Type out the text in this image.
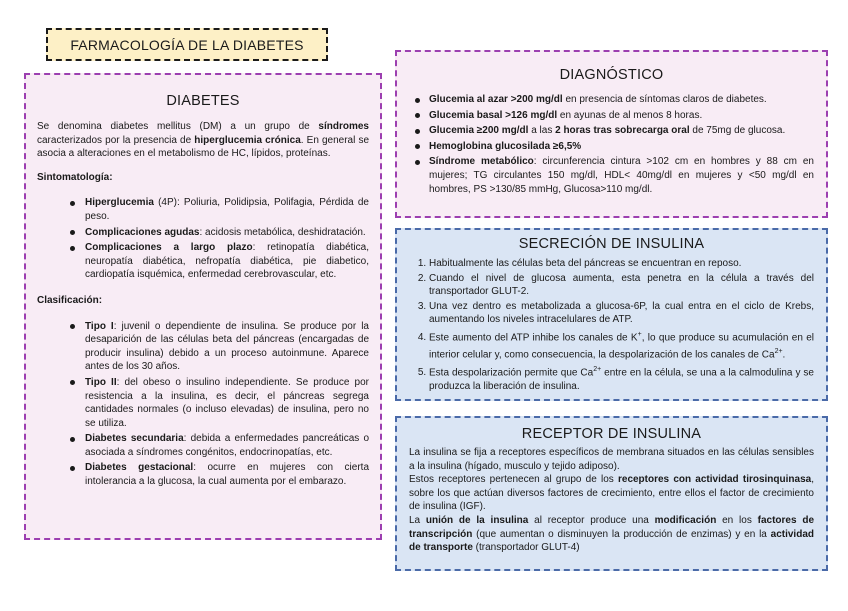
FARMACOLOGÍA DE LA DIABETES
DIABETES

Se denomina diabetes mellitus (DM) a un grupo de síndromes caracterizados por la presencia de hiperglucemia crónica. En general se asocia a alteraciones en el metabolismo de HC, lípidos, proteínas.

Sintomatología:

Hiperglucemia (4P): Poliuria, Polidipsia, Polifagia, Pérdida de peso.
Complicaciones agudas: acidosis metabólica, deshidratación.
Complicaciones a largo plazo: retinopatía diabética, neuropatía diabética, nefropatía diabética, pie diabetico, cardiopatía isquémica, enfermedad cerebrovascular, etc.

Clasificación:

Tipo I: juvenil o dependiente de insulina. Se produce por la desaparición de las células beta del páncreas (encargadas de producir insulina) debido a un proceso autoinmune. Aparece antes de los 30 años.
Tipo II: del obeso o insulino independiente. Se produce por resistencia a la insulina, es decir, el páncreas segrega cantidades normales (o incluso elevadas) de insulina, pero no se utiliza.
Diabetes secundaria: debida a enfermedades pancreáticas o asociada a síndromes congénitos, endocrinopatías, etc.
Diabetes gestacional: ocurre en mujeres con cierta intolerancia a la glucosa, la cual aumenta por el embarazo.
DIAGNÓSTICO
Glucemia al azar >200 mg/dl en presencia de síntomas claros de diabetes.
Glucemia basal >126 mg/dl en ayunas de al menos 8 horas.
Glucemia ≥200 mg/dl a las 2 horas tras sobrecarga oral de 75mg de glucosa.
Hemoglobina glucosilada ≥6,5%
Síndrome metabólico: circunferencia cintura >102 cm en hombres y 88 cm en mujeres; TG circulantes 150 mg/dl, HDL< 40mg/dl en mujeres y <50 mg/dl en hombres, PS >130/85 mmHg, Glucosa>110 mg/dl.
SECRECIÓN DE INSULINA
1. Habitualmente las células beta del páncreas se encuentran en reposo.
2. Cuando el nivel de glucosa aumenta, esta penetra en la célula a través del transportador GLUT-2.
3. Una vez dentro es metabolizada a glucosa-6P, la cual entra en el ciclo de Krebs, aumentando los niveles intracelulares de ATP.
4. Este aumento del ATP inhibe los canales de K+, lo que produce su acumulación en el interior celular y, como consecuencia, la despolarización de los canales de $Ca^{2+}$.
5. Esta despolarización permite que $Ca^{2+}$ entre en la célula, se una a la calmodulina y se produzca la liberación de insulina.
RECEPTOR DE INSULINA

La insulina se fija a receptores específicos de membrana situados en las células sensibles a la insulina (hígado, musculo y tejido adiposo).

Estos receptores pertenecen al grupo de los receptores con actividad tirosinquinasa, sobre los que actúan diversos factores de crecimiento, entre ellos el factor de crecimiento de insulina (IGF).

La unión de la insulina al receptor produce una modificación en los factores de transcripción (que aumentan o disminuyen la producción de enzimas) y en la actividad de transporte (transportador GLUT-4)
